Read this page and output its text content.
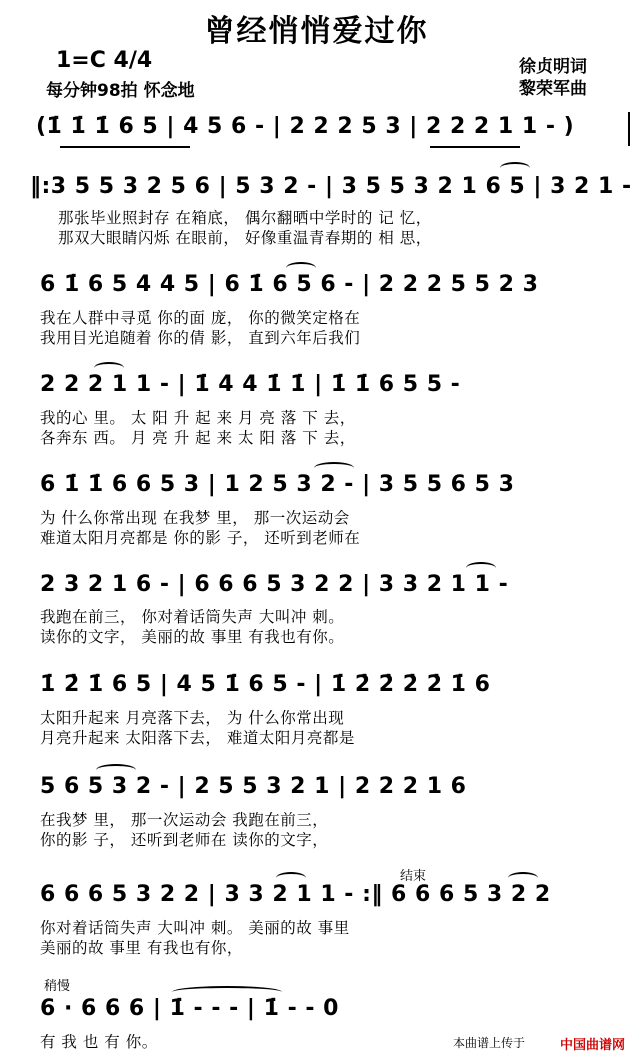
曾经悄悄爱过你
1=C 4/4
每分钟98拍 怀念地
徐贞明词
黎荣军曲
(1̇ 1̇ 1̇ 6 5 | 4 5 6 - | 2 2 2 5 3 | 2 2 2 1 1 - )
‖:3 5 5 3 2 5 6 | 5 3 2 - | 3 5 5 3 2 1 6 5 | 3 2 1 -
那张毕业照封存 在箱底， 偶尔翻晒中学时的 记 忆，
那双大眼睛闪烁 在眼前， 好像重温青春期的 相 思，
6 1̇ 6 5 4 4 5 | 6 1̇ 6 5 6 - | 2 2 2 5 5 2 3
我在人群中寻觅 你的面 庞， 你的微笑定格在
我用目光追随着 你的倩 影， 直到六年后我们
2 2 2 1 1 - | 1̇ 4 4 1̇ 1̇ | 1̇ 1̇ 6 5 5 -
我的心 里。 太 阳 升 起 来 月 亮 落 下 去，
各奔东 西。 月 亮 升 起 来 太 阳 落 下 去，
6 1̇ 1̇ 6 6 5 3 | 1 2 5 3 2 - | 3 5 5 6 5 3
为 什么你常出现 在我梦 里， 那一次运动会
难道太阳月亮都是 你的影 子， 还听到老师在
2 3 2 1 6 - | 6 6 6 5 3 2 2 | 3 3 2 1 1 -
我跑在前三， 你对着话筒失声 大叫冲 刺。
读你的文字， 美丽的故 事里 有我也有你。
1̇ 2̇ 1̇ 6 5 | 4 5 1̇ 6 5 - | 1̇ 2̇ 2̇ 2̇ 2̇ 1̇ 6
太阳升起来 月亮落下去， 为 什么你常出现
月亮升起来 太阳落下去， 难道太阳月亮都是
5 6 5 3 2 - | 2 5 5 3 2 1 | 2 2 2 1 6
在我梦 里， 那一次运动会 我跑在前三，
你的影 子， 还听到老师在 读你的文字，
结束
6 6 6 5 3 2 2 | 3 3 2 1 1 - :‖ 6 6 6 5 3 2 2
你对着话筒失声 大叫冲 刺。 美丽的故 事里
美丽的故 事里 有我也有你，
稍慢
6 · 6 6 6 | 1̇ - - - | 1̇ - - 0
有 我 也 有 你。	本曲谱上传于	中国曲谱网
